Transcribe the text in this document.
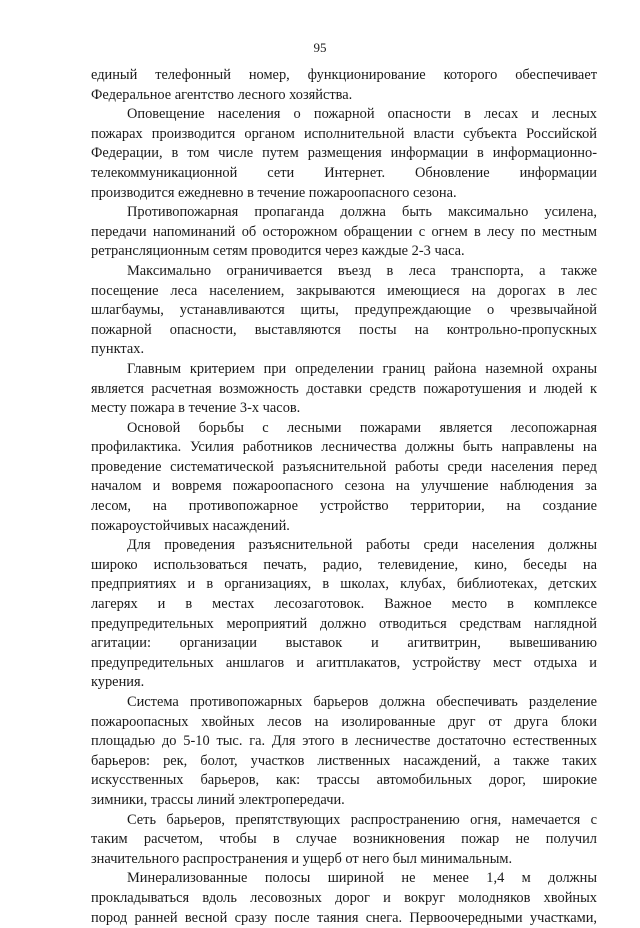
95
единый телефонный номер, функционирование которого обеспечивает
Федеральное агентство лесного хозяйства.
Оповещение населения о пожарной опасности в лесах и лесных
пожарах производится органом исполнительной власти субъекта Российской
Федерации, в том числе путем размещения информации в информационно-
телекоммуникационной сети Интернет. Обновление информации
производится ежедневно в течение пожароопасного сезона.
Противопожарная пропаганда должна быть максимально усилена,
передачи напоминаний об осторожном обращении с огнем в лесу по местным
ретрансляционным сетям проводится через каждые 2-3 часа.
Максимально ограничивается въезд в леса транспорта, а также
посещение леса населением, закрываются имеющиеся на дорогах в лес
шлагбаумы, устанавливаются щиты, предупреждающие о чрезвычайной
пожарной опасности, выставляются посты на контрольно-пропускных
пунктах.
Главным критерием при определении границ района наземной охраны
является расчетная возможность доставки средств пожаротушения и людей к
месту пожара в течение 3-х часов.
Основой борьбы с лесными пожарами является лесопожарная
профилактика. Усилия работников лесничества должны быть направлены на
проведение систематической разъяснительной работы среди населения перед
началом и вовремя пожароопасного сезона на улучшение наблюдения за
лесом, на противопожарное устройство территории, на создание
пожароустойчивых насаждений.
Для проведения разъяснительной работы среди населения должны
широко использоваться печать, радио, телевидение, кино, беседы на
предприятиях и в организациях, в школах, клубах, библиотеках, детских
лагерях и в местах лесозаготовок. Важное место в комплексе
предупредительных мероприятий должно отводиться средствам наглядной
агитации: организации выставок и агитвитрин, вывешиванию
предупредительных аншлагов и агитплакатов, устройству мест отдыха и
курения.
Система противопожарных барьеров должна обеспечивать разделение
пожароопасных хвойных лесов на изолированные друг от друга блоки
площадью до 5-10 тыс. га. Для этого в лесничестве достаточно естественных
барьеров: рек, болот, участков лиственных насаждений, а также таких
искусственных барьеров, как: трассы автомобильных дорог, широкие
зимники, трассы линий электропередачи.
Сеть барьеров, препятствующих распространению огня, намечается с
таким расчетом, чтобы в случае возникновения пожар не получил
значительного распространения и ущерб от него был минимальным.
Минерализованные полосы шириной не менее 1,4 м должны
прокладываться вдоль лесовозных дорог и вокруг молодняков хвойных
пород ранней весной сразу после таяния снега. Первоочередными участками,
